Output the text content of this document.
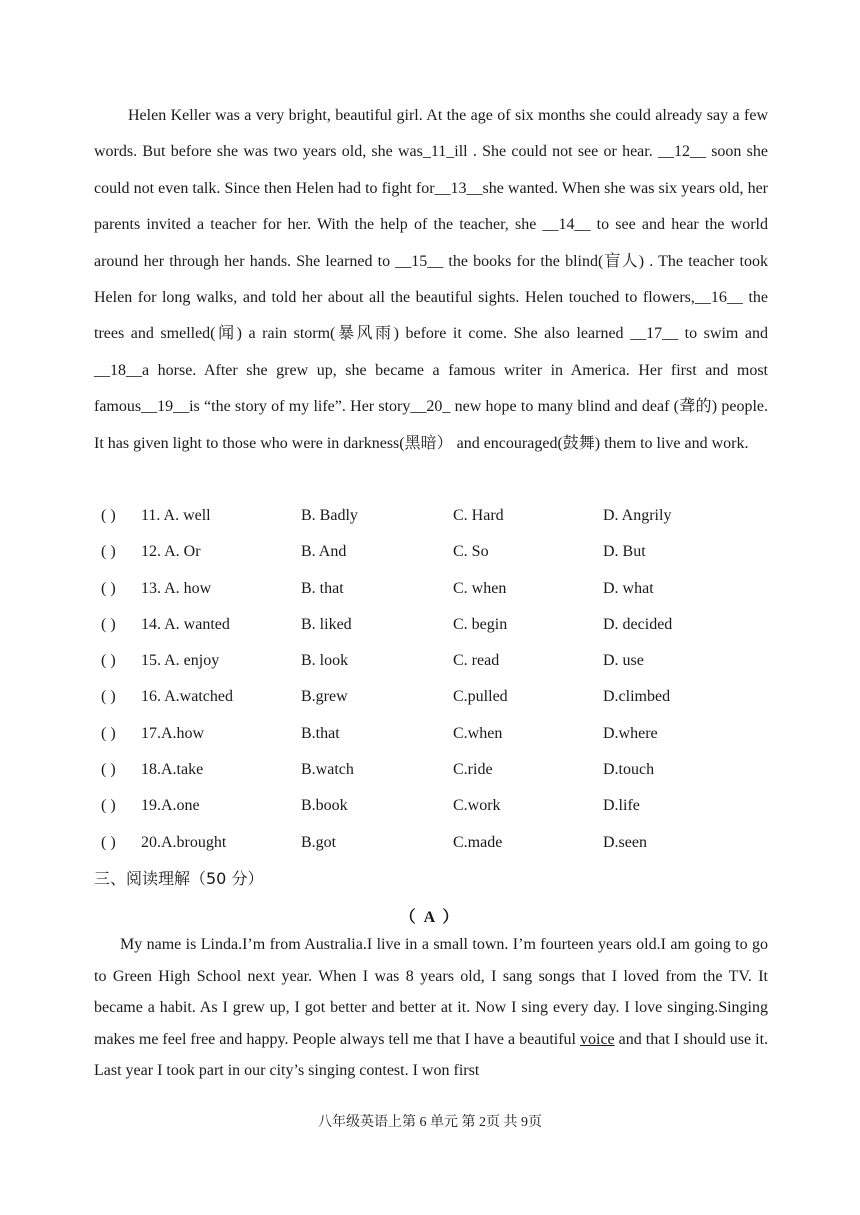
Helen Keller was a very bright, beautiful girl. At the age of six months she could already say a few words. But before she was two years old, she was_11_ill . She could not see or hear. __12__ soon she could not even talk. Since then Helen had to fight for__13__she wanted. When she was six years old, her parents invited a teacher for her. With the help of the teacher, she __14__ to see and hear the world around her through her hands. She learned to __15__ the books for the blind(盲人) . The teacher took Helen for long walks, and told her about all the beautiful sights. Helen touched to flowers,__16__ the trees and smelled(闻) a rain storm(暴风雨) before it come. She also learned __17__ to swim and __18__a horse. After she grew up, she became a famous writer in America. Her first and most famous__19__is “the story of my life”. Her story__20_ new hope to many blind and deaf (聋的) people. It has given light to those who were in darkness(黑暗） and encouraged(鼓舞) them to live and work.

( ) 11. A. well	B. Badly	C. Hard	D. Angrily
( ) 12. A. Or	B. And	C. So	D. But
( ) 13. A. how	B. that	C. when	D. what
( ) 14. A. wanted	B. liked	C. begin	D. decided
( ) 15. A. enjoy	B. look	C. read	D. use
( ) 16. A.watched	B.grew	C.pulled	D.climbed
( ) 17.A.how	B.that	C.when	D.where
( ) 18.A.take	B.watch	C.ride	D.touch
( ) 19.A.one	B.book	C.work	D.life
( ) 20.A.brought	B.got	C.made	D.seen
三、阅读理解（50 分）
（ A ）

My name is Linda.I’m from Australia.I live in a small town. I’m fourteen years old.I am going to go to Green High School next year. When I was 8 years old, I sang songs that I loved from the TV. It became a habit. As I grew up, I got better and better at it. Now I sing every day. I love singing.Singing makes me feel free and happy. People always tell me that I have a beautiful voice and that I should use it. Last year I took part in our city’s singing contest. I won first

八年级英语上第 6 单元 第 2页 共 9页
